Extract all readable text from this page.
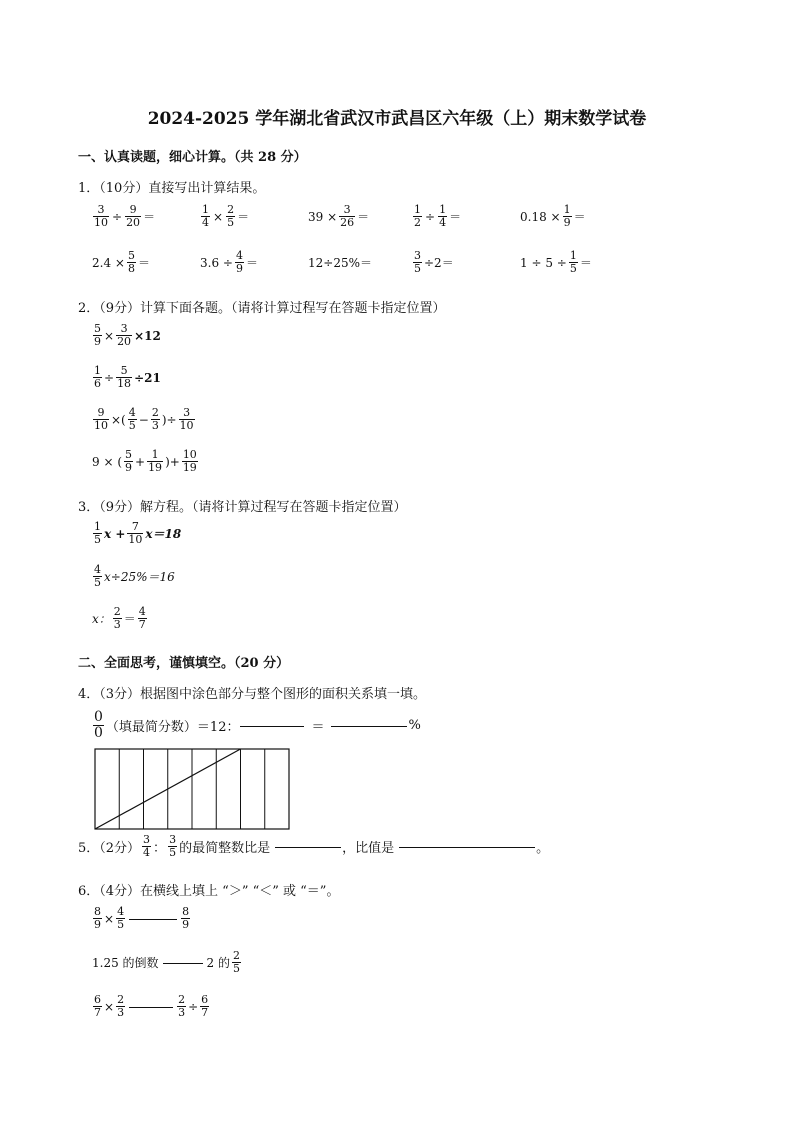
2024-2025 学年湖北省武汉市武昌区六年级（上）期末数学试卷
一、认真读题，细心计算。（共 28 分）
1．（10分）直接写出计算结果。
$\frac{3}{10} \div \frac{9}{20}$ ＝	$\frac{1}{4} \times \frac{2}{5}$ ＝	$39 \times \frac{3}{26}$ ＝	$\frac{1}{2} \div \frac{1}{4}$ ＝	$0.18 \times \frac{1}{9}$ ＝
$2.4 \times \frac{5}{8}$ ＝	$3.6 \div \frac{4}{9}$ ＝	12÷25%＝	$\frac{3}{5} \div 2=$	$1 \div 5 \div \frac{1}{5}$ ＝
2．（9分）计算下面各题。（请将计算过程写在答题卡指定位置）
$\frac{5}{9} \times \frac{3}{20} \times 12$
$\frac{1}{6} \div \frac{5}{18} \div 21$
$\frac{9}{10}$ ×( 4
$5 - \frac{2}{3}$ )÷ $\frac{3}{10}$
9 × ( 5
$9 + \frac{1}{19}$ )+ $\frac{10}{19}$
3．（9分）解方程。（请将计算过程写在答题卡指定位置）
1
5 $x + \frac{7}{10} x=18$
4
5 x÷25%＝16
x：
2
3 ＝
4
7
二、全面思考，谨慎填空。（20 分）
4．（3分）根据图中涂色部分与整个图形的面积关系填一填。
0
0 （填最简分数）＝12：	＝	%
5．（2分）
3
4 ：
3
5 的最简整数比是	，比值是	。
6．（4分）在横线上填上 “＞” “＜” 或 “＝”。
$\frac{8}{9} \times \frac{4}{5}$	8
9
1.25 的倒数	2 的
2
5
$\frac{6}{7} \times \frac{2}{3}$	$\frac{2}{3} \div \frac{6}{7}$
